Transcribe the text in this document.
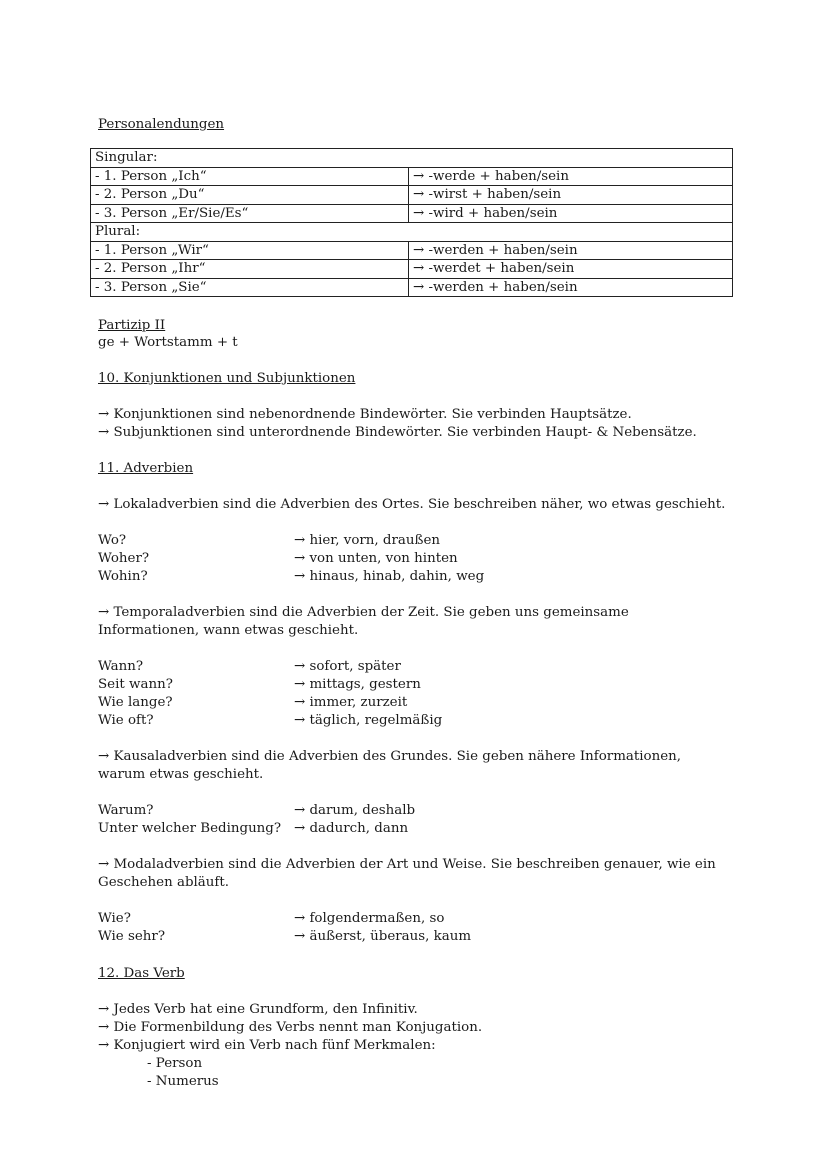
Personalendungen
Singular:	
- 1. Person „Ich“	→ -werde + haben/sein
- 2. Person „Du“	→ -wirst + haben/sein
- 3. Person „Er/Sie/Es“	→ -wird + haben/sein
Plural:	
- 1. Person „Wir“	→ -werden + haben/sein
- 2. Person „Ihr“	→ -werdet + haben/sein
- 3. Person „Sie“	→ -werden + haben/sein
Partizip II
ge + Wortstamm + t
10. Konjunktionen und Subjunktionen
→ Konjunktionen sind nebenordnende Bindewörter. Sie verbinden Hauptsätze.
→ Subjunktionen sind unterordnende Bindewörter. Sie verbinden Haupt- & Nebensätze.
11. Adverbien
→ Lokaladverbien sind die Adverbien des Ortes. Sie beschreiben näher, wo etwas geschieht.
Wo?	→ hier, vorn, draußen
Woher?	→ von unten, von hinten
Wohin?	→ hinaus, hinab, dahin, weg
→ Temporaladverbien sind die Adverbien der Zeit. Sie geben uns gemeinsame
Informationen, wann etwas geschieht.
Wann?	→ sofort, später
Seit wann?	→ mittags, gestern
Wie lange?	→ immer, zurzeit
Wie oft?	→ täglich, regelmäßig
→ Kausaladverbien sind die Adverbien des Grundes. Sie geben nähere Informationen,
warum etwas geschieht.
Warum?	→ darum, deshalb
Unter welcher Bedingung? → dadurch, dann
→ Modaladverbien sind die Adverbien der Art und Weise. Sie beschreiben genauer, wie ein
Geschehen abläuft.
Wie?	→ folgendermaßen, so
Wie sehr?	→ äußerst, überaus, kaum
12. Das Verb
→ Jedes Verb hat eine Grundform, den Infinitiv.
→ Die Formenbildung des Verbs nennt man Konjugation.
→ Konjugiert wird ein Verb nach fünf Merkmalen:
- Person
- Numerus
